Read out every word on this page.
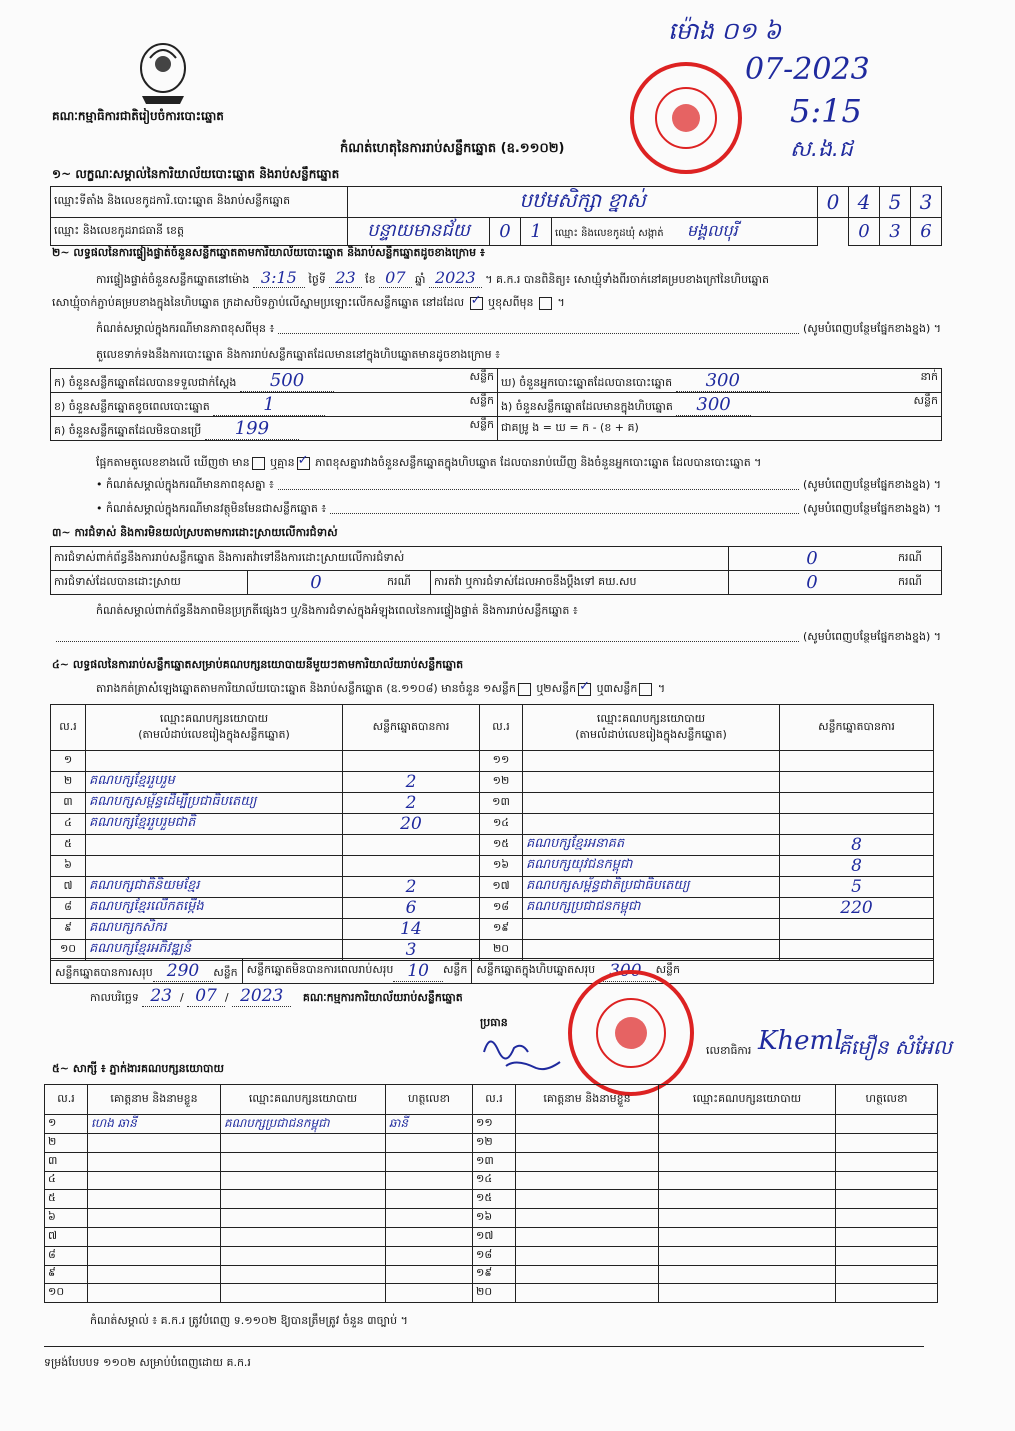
គណៈកម្មាធិការជាតិរៀបចំការបោះឆ្នោត
កំណត់ហេតុនៃការរាប់សន្លឹកឆ្នោត (ឧ.១១០២)
ម៉ោង ០១ ៦
07-2023
5:15
ស.ង.ជ
១~ លក្ខណៈសម្គាល់នៃការិយាល័យបោះឆ្នោត និងរាប់សន្លឹកឆ្នោត
ឈ្មោះទីតាំង និងលេខកូដការិ.បោះឆ្នោត និងរាប់សន្លឹកឆ្នោត	បឋមសិក្សា ខ្នាស់				0	4	5	3
ឈ្មោះ និងលេខកូដរាជធានី ខេត្ត	បន្ទាយមានជ័យ	0	1	ឈ្មោះ និងលេខកូដឃុំ សង្កាត់ មង្គលបុរី		0	3	6
២~ លទ្ធផលនៃការផ្ទៀងផ្ទាត់ចំនួនសន្លឹកឆ្នោតតាមការិយាល័យបោះឆ្នោត និងរាប់សន្លឹកឆ្នោតដូចខាងក្រោម ៖
ការផ្ទៀងផ្ទាត់ចំនួនសន្លឹកឆ្នោតនៅម៉ោង 3:15 ថ្ងៃទី 23 ខែ 07 ឆ្នាំ 2023 ។ គ.ក.រ បានពិនិត្យ៖ សោឃ្មុំទាំងពីរចាក់នៅគម្របខាងក្រៅនៃហិបឆ្នោត
សោឃ្មុំចាក់ភ្ជាប់គម្របខាងក្នុងនៃហិបឆ្នោត ក្រដាសបិទភ្ជាប់លើស្នាមប្រឡោះលើកសន្លឹកឆ្នោត នៅដដែល ✓ ឬខុសពីមុន  ។
កំណត់សម្គាល់ក្នុងករណីមានភាពខុសពីមុន ៖	(សូមបំពេញបន្ថែមផ្នែកខាងខ្នង) ។
តួលេខទាក់ទងនឹងការបោះឆ្នោត និងការរាប់សន្លឹកឆ្នោតដែលមាននៅក្នុងហិបឆ្នោតមានដូចខាងក្រោម ៖
ក) ចំនួនសន្លឹកឆ្នោតដែលបានទទួលជាក់ស្តែង 500 សន្លឹក	ឃ) ចំនួនអ្នកបោះឆ្នោតដែលបានបោះឆ្នោត 300 នាក់

ខ) ចំនួនសន្លឹកឆ្នោតខូចពេលបោះឆ្នោត 1 សន្លឹក	ង) ចំនួនសន្លឹកឆ្នោតដែលមានក្នុងហិបឆ្នោត 300 សន្លឹក

គ) ចំនួនសន្លឹកឆ្នោតដែលមិនបានប្រើ 199 សន្លឹក	ជាគម្រូ ង = ឃ = ក - (ខ + គ)
ផ្អែកតាមតួលេខខាងលើ ឃើញថា មាន ឬគ្មាន ✓ ភាពខុសគ្នារវាងចំនួនសន្លឹកឆ្នោតក្នុងហិបឆ្នោត ដែលបានរាប់ឃើញ និងចំនួនអ្នកបោះឆ្នោត ដែលបានបោះឆ្នោត ។
• កំណត់សម្គាល់ក្នុងករណីមានភាពខុសគ្នា ៖	(សូមបំពេញបន្ថែមផ្នែកខាងខ្នង) ។
• កំណត់សម្គាល់ក្នុងករណីមានវត្ថុមិនមែនជាសន្លឹកឆ្នោត ៖	(សូមបំពេញបន្ថែមផ្នែកខាងខ្នង) ។
៣~ ការជំទាស់ និងការមិនយល់ស្របតាមការដោះស្រាយលើការជំទាស់
ការជំទាស់ពាក់ព័ន្ធនឹងការរាប់សន្លឹកឆ្នោត និងការតវ៉ាទៅនឹងការដោះស្រាយលើការជំទាស់				0	ករណី
ការជំទាស់ដែលបានដោះស្រាយ	0	ករណី	ការតវ៉ា ឬការជំទាស់ដែលអាចនឹងប្តឹងទៅ គឃ.សប	0	ករណី
កំណត់សម្គាល់ពាក់ព័ន្ធនឹងភាពមិនប្រក្រតីផ្សេងៗ ឬ/និងការជំទាស់ក្នុងអំឡុងពេលនៃការផ្ទៀងផ្ទាត់ និងការរាប់សន្លឹកឆ្នោត ៖
(សូមបំពេញបន្ថែមផ្នែកខាងខ្នង) ។
៤~ លទ្ធផលនៃការរាប់សន្លឹកឆ្នោតសម្រាប់គណបក្សនយោបាយនីមួយៗតាមការិយាល័យរាប់សន្លឹកឆ្នោត
តារាងកត់ត្រាសំឡេងឆ្នោតតាមការិយាល័យបោះឆ្នោត និងរាប់សន្លឹកឆ្នោត (ឧ.១១០៨) មានចំនួន ១សន្លឹក ឬ២សន្លឹក ✓ ឬ៣សន្លឹក ។
ល.រ	ឈ្មោះគណបក្សនយោបាយ
(តាមលំដាប់លេខរៀងក្នុងសន្លឹកឆ្នោត)	សន្លឹកឆ្នោតបានការ	ល.រ	ឈ្មោះគណបក្សនយោបាយ
(តាមលំដាប់លេខរៀងក្នុងសន្លឹកឆ្នោត)	សន្លឹកឆ្នោតបានការ
១			១១		
២	គណបក្សខ្មែររួបរួម	2	១២		
៣	គណបក្សសម្ព័ន្ធដើម្បីប្រជាធិបតេយ្យ	2	១៣		
៤	គណបក្សខ្មែររួបរួមជាតិ	20	១៤		
៥			១៥	គណបក្សខ្មែរអនាគត	8
៦			១៦	គណបក្សយុវជនកម្ពុជា	8
៧	គណបក្សជាតិនិយមខ្មែរ	2	១៧	គណបក្សសម្ព័ន្ធជាតិប្រជាធិបតេយ្យ	5
៨	គណបក្សខ្មែរលើកតម្កើង	6	១៨	គណបក្សប្រជាជនកម្ពុជា	220
៩	គណបក្សកសិករ	14	១៩		
១០	គណបក្សខ្មែរអភិវឌ្ឍន៍	3	២០		
សន្លឹកឆ្នោតបានការសរុប 290 សន្លឹក សន្លឹកឆ្នោតមិនបានការពេលរាប់សរុប 10	សន្លឹក សន្លឹកឆ្នោតក្នុងហិបឆ្នោតសរុប 300	សន្លឹក
កាលបរិច្ឆេទ 23 / 07 / 2023 គណៈកម្មការការិយាល័យរាប់សន្លឹកឆ្នោត
ប្រធាន
លេខាធិការ Kheml
គីមឿន សំអែល
៥~ សាក្សី ៖ ភ្នាក់ងារគណបក្សនយោបាយ
ល.រ	គោត្តនាម និងនាមខ្លួន	ឈ្មោះគណបក្សនយោបាយ	ហត្ថលេខា	ល.រ	គោត្តនាម និងនាមខ្លួន	ឈ្មោះគណបក្សនយោបាយ	ហត្ថលេខា
១	ហេង ឆានី	គណបក្សប្រជាជនកម្ពុជា	ឆានី	១១			
២				១២			
៣				១៣			
៤				១៤			
៥				១៥			
៦				១៦			
៧				១៧			
៨				១៨			
៩				១៩			
១០				២០			
កំណត់សម្គាល់ ៖ គ.ក.រ ត្រូវបំពេញ ទ.១១០២ ឱ្យបានត្រឹមត្រូវ ចំនួន ៣ច្បាប់ ។
ទម្រង់បែបបទ ១១០២ សម្រាប់បំពេញដោយ គ.ក.រ
